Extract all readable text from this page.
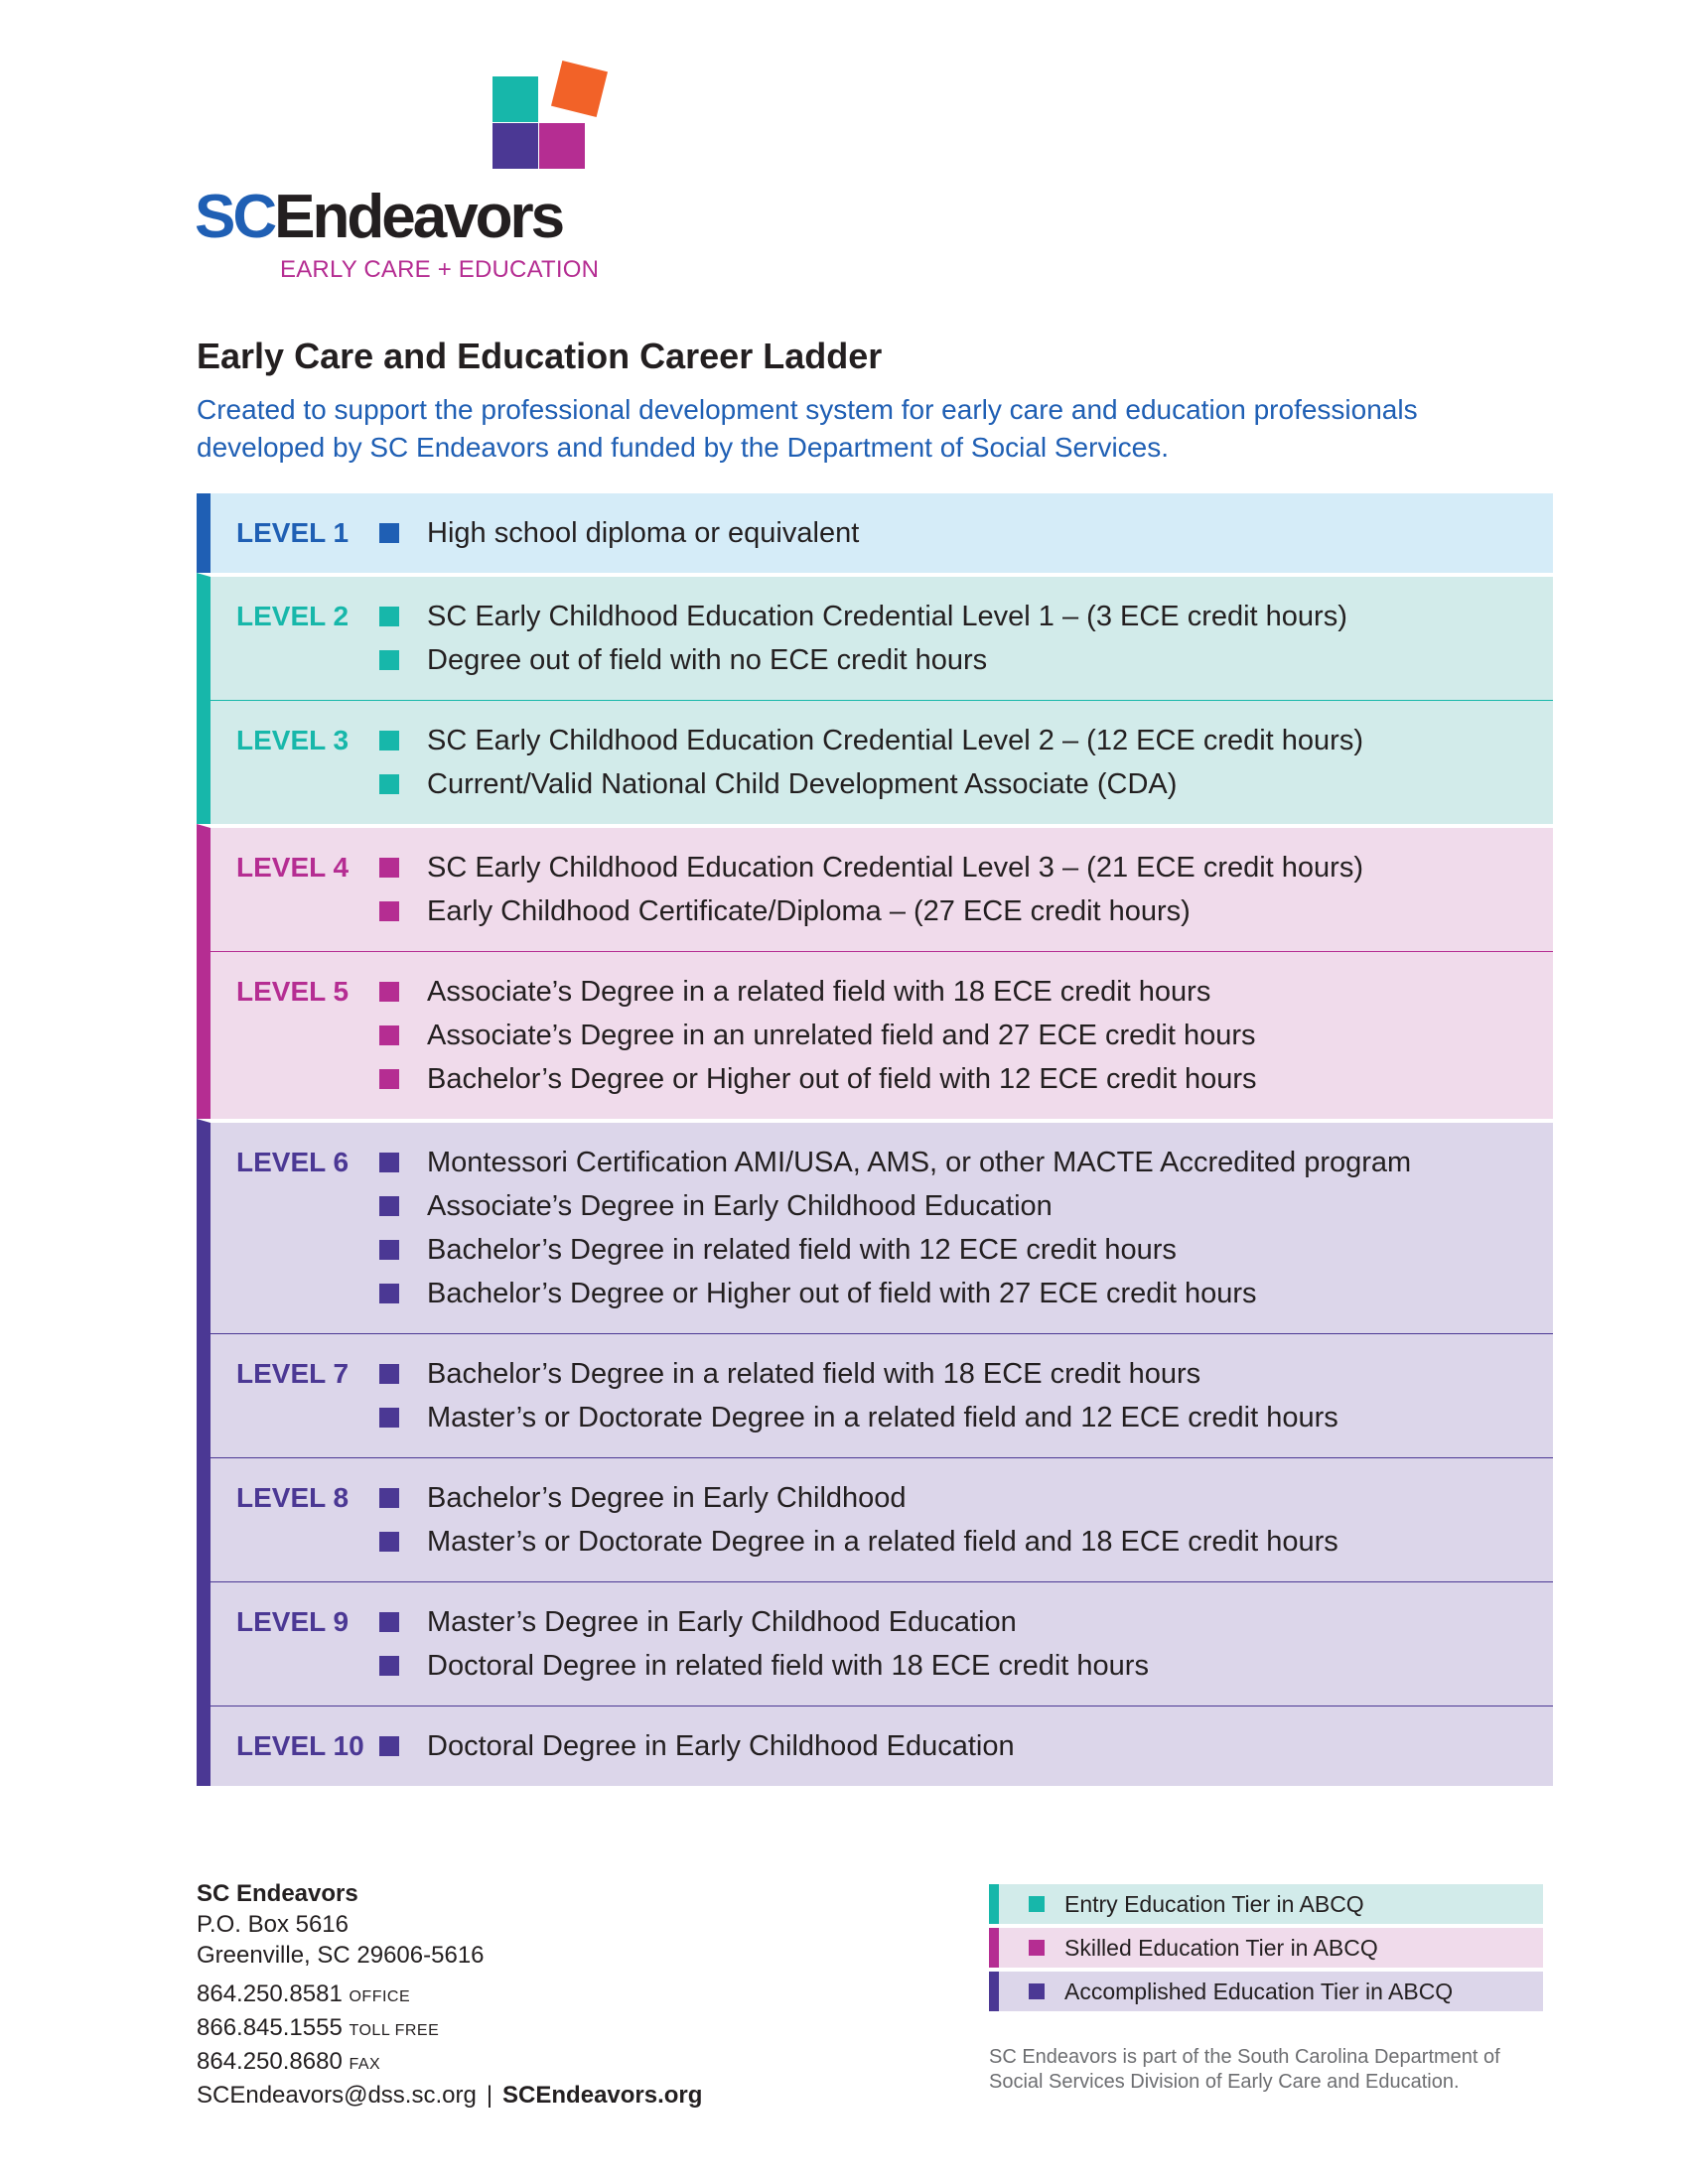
SCEndeavors
EARLY CARE + EDUCATION
Early Care and Education Career Ladder

Created to support the professional development system for early care and education professionals developed by SC Endeavors and funded by the Department of Social Services.

LEVEL 1	High school diploma or equivalent
LEVEL 2	SC Early Childhood Education Credential Level 1 – (3 ECE credit hours)
Degree out of field with no ECE credit hours
LEVEL 3	SC Early Childhood Education Credential Level 2 – (12 ECE credit hours)
Current/Valid National Child Development Associate (CDA)
LEVEL 4	SC Early Childhood Education Credential Level 3 – (21 ECE credit hours)
Early Childhood Certificate/Diploma – (27 ECE credit hours)
LEVEL 5	Associate’s Degree in a related field with 18 ECE credit hours
Associate’s Degree in an unrelated field and 27 ECE credit hours
Bachelor’s Degree or Higher out of field with 12 ECE credit hours
LEVEL 6	Montessori Certification AMI/USA, AMS, or other MACTE Accredited program
Associate’s Degree in Early Childhood Education
Bachelor’s Degree in related field with 12 ECE credit hours
Bachelor’s Degree or Higher out of field with 27 ECE credit hours
LEVEL 7	Bachelor’s Degree in a related field with 18 ECE credit hours
Master’s or Doctorate Degree in a related field and 12 ECE credit hours
LEVEL 8	Bachelor’s Degree in Early Childhood
Master’s or Doctorate Degree in a related field and 18 ECE credit hours
LEVEL 9	Master’s Degree in Early Childhood Education
Doctoral Degree in related field with 18 ECE credit hours
LEVEL 10	Doctoral Degree in Early Childhood Education
SC Endeavors
P.O. Box 5616
Greenville, SC 29606-5616
864.250.8581 OFFICE
866.845.1555 TOLL FREE
864.250.8680 FAX
SCEndeavors@dss.sc.org | SCEndeavors.org
Entry Education Tier in ABCQ
Skilled Education Tier in ABCQ
Accomplished Education Tier in ABCQ
SC Endeavors is part of the South Carolina Department of Social Services Division of Early Care and Education.
